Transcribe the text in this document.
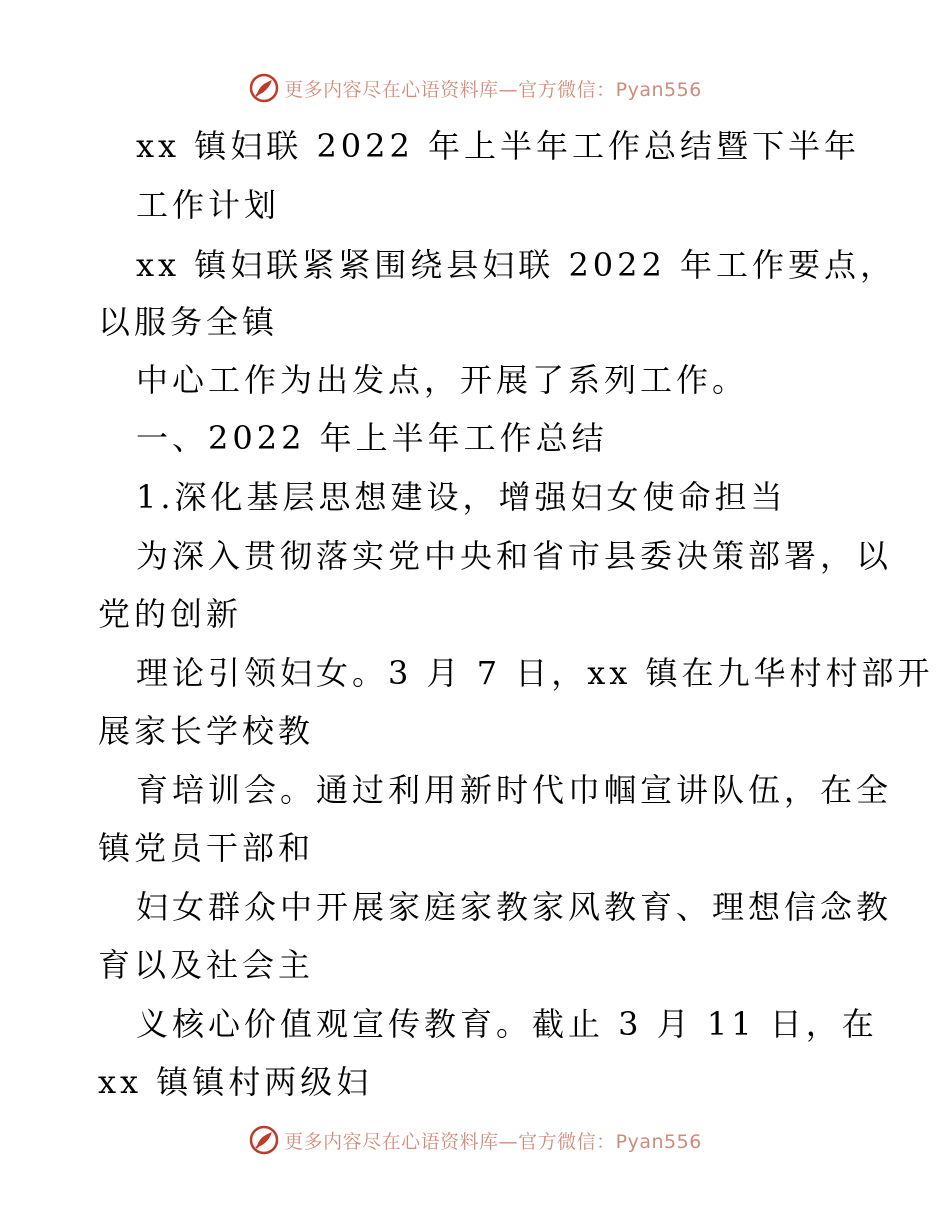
更多内容尽在心语资料库—官方微信：Pyan556
xx 镇妇联 2022 年上半年工作总结暨下半年
工作计划
xx 镇妇联紧紧围绕县妇联 2022 年工作要点，
以服务全镇
中心工作为出发点，开展了系列工作。
一、2022 年上半年工作总结
1.深化基层思想建设，增强妇女使命担当
为深入贯彻落实党中央和省市县委决策部署，以
党的创新
理论引领妇女。3 月 7 日，xx 镇在九华村村部开
展家长学校教
育培训会。通过利用新时代巾帼宣讲队伍，在全
镇党员干部和
妇女群众中开展家庭家教家风教育、理想信念教
育以及社会主
义核心价值观宣传教育。截止 3 月 11 日，在
xx 镇镇村两级妇
更多内容尽在心语资料库—官方微信：Pyan556
